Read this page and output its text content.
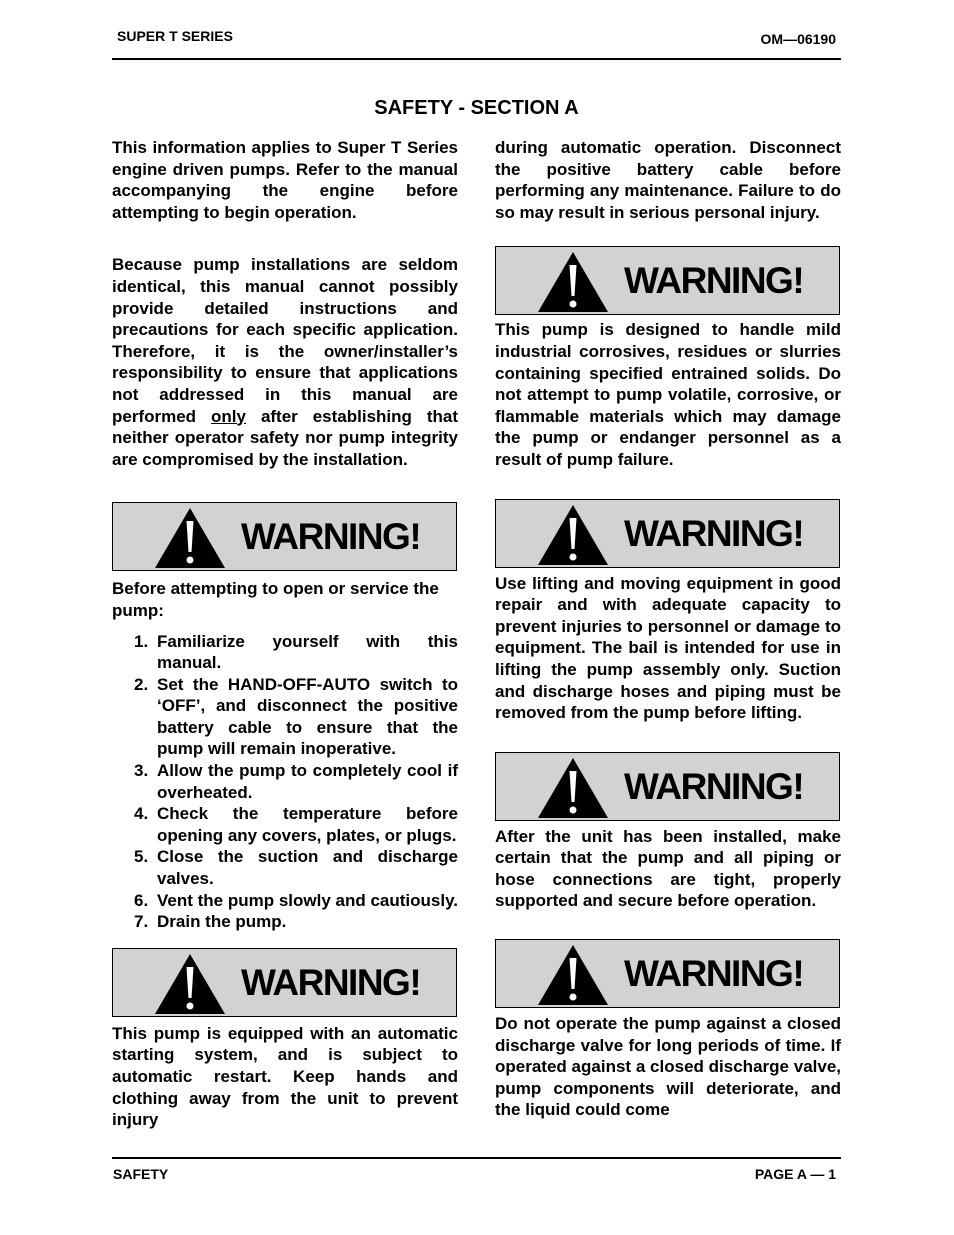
SUPER T SERIES	OM—06190
SAFETY - SECTION A

This information applies to Super T Series engine driven pumps. Refer to the manual accompanying the engine before attempting to begin operation.

Because pump installations are seldom identical, this manual cannot possibly provide detailed instructions and precautions for each specific application. Therefore, it is the owner/installer’s responsibility to ensure that applications not addressed in this manual are performed only after establishing that neither operator safety nor pump integrity are compromised by the installation.

WARNING!

Before attempting to open or service the pump:

1. Familiarize yourself with this manual.
2. Set the HAND-OFF-AUTO switch to ‘OFF’, and disconnect the positive battery cable to ensure that the pump will remain inoperative.
3. Allow the pump to completely cool if overheated.
4. Check the temperature before opening any covers, plates, or plugs.
5. Close the suction and discharge valves.
6. Vent the pump slowly and cautiously.
7. Drain the pump.
WARNING!

This pump is equipped with an automatic starting system, and is subject to automatic restart. Keep hands and clothing away from the unit to prevent injury

during automatic operation. Disconnect the positive battery cable before performing any maintenance. Failure to do so may result in serious personal injury.

WARNING!

This pump is designed to handle mild industrial corrosives, residues or slurries containing specified entrained solids. Do not attempt to pump volatile, corrosive, or flammable materials which may damage the pump or endanger personnel as a result of pump failure.

WARNING!

Use lifting and moving equipment in good repair and with adequate capacity to prevent injuries to personnel or damage to equipment. The bail is intended for use in lifting the pump assembly only. Suction and discharge hoses and piping must be removed from the pump before lifting.

WARNING!

After the unit has been installed, make certain that the pump and all piping or hose connections are tight, properly supported and secure before operation.

WARNING!

Do not operate the pump against a closed discharge valve for long periods of time. If operated against a closed discharge valve, pump components will deteriorate, and the liquid could come

SAFETY	PAGE A — 1
